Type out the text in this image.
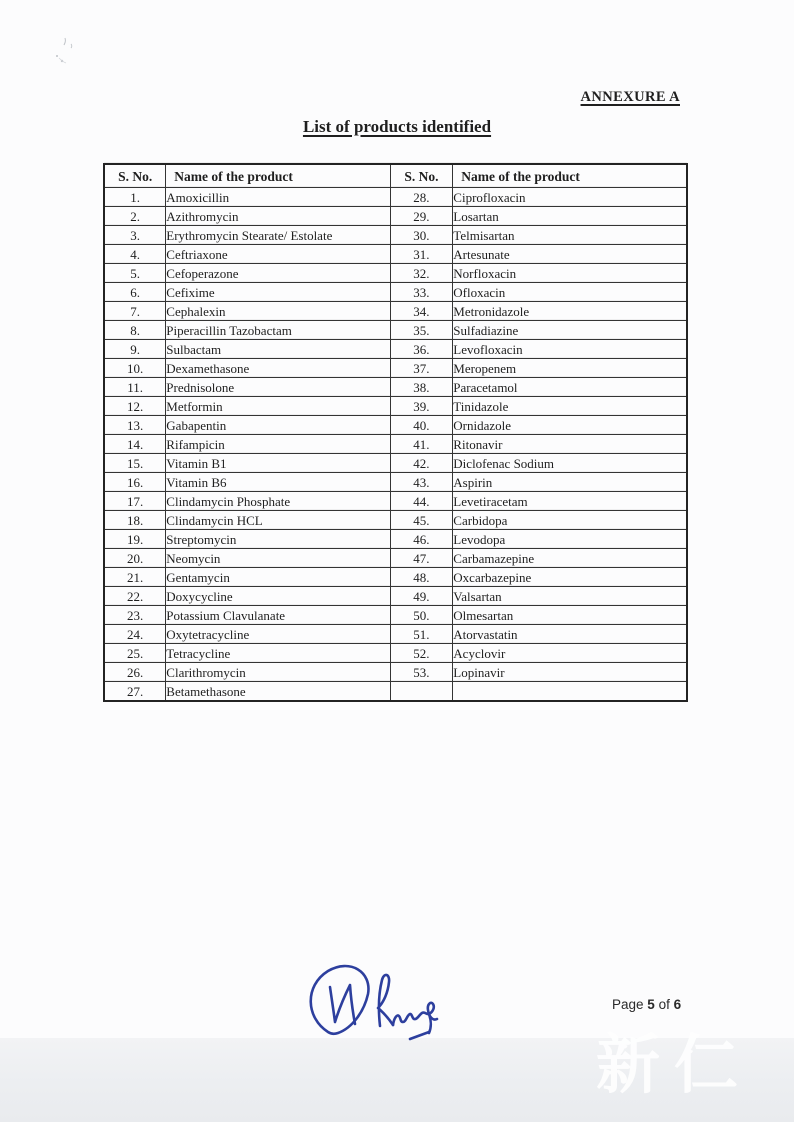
新仁
ANNEXURE A
List of products identified
S. No.	Name of the product	S. No.	Name of the product
1.	Amoxicillin	28.	Ciprofloxacin
2.	Azithromycin	29.	Losartan
3.	Erythromycin Stearate/ Estolate	30.	Telmisartan
4.	Ceftriaxone	31.	Artesunate
5.	Cefoperazone	32.	Norfloxacin
6.	Cefixime	33.	Ofloxacin
7.	Cephalexin	34.	Metronidazole
8.	Piperacillin Tazobactam	35.	Sulfadiazine
9.	Sulbactam	36.	Levofloxacin
10.	Dexamethasone	37.	Meropenem
11.	Prednisolone	38.	Paracetamol
12.	Metformin	39.	Tinidazole
13.	Gabapentin	40.	Ornidazole
14.	Rifampicin	41.	Ritonavir
15.	Vitamin B1	42.	Diclofenac Sodium
16.	Vitamin B6	43.	Aspirin
17.	Clindamycin Phosphate	44.	Levetiracetam
18.	Clindamycin HCL	45.	Carbidopa
19.	Streptomycin	46.	Levodopa
20.	Neomycin	47.	Carbamazepine
21.	Gentamycin	48.	Oxcarbazepine
22.	Doxycycline	49.	Valsartan
23.	Potassium Clavulanate	50.	Olmesartan
24.	Oxytetracycline	51.	Atorvastatin
25.	Tetracycline	52.	Acyclovir
26.	Clarithromycin	53.	Lopinavir
27.	Betamethasone		
Page 5 of 6
